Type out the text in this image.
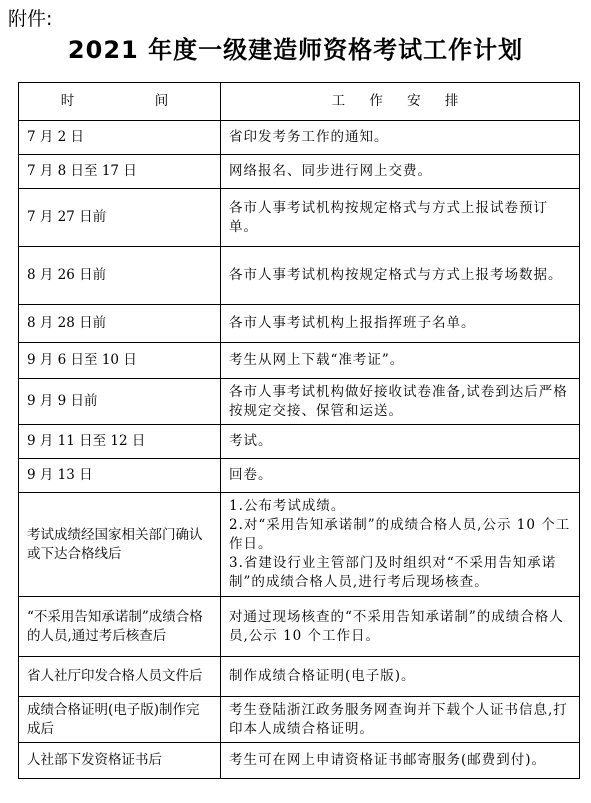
附件:
2021 年度一级建造师资格考试工作计划
时　　　间	工 作 安 排
7 月 2 日	省印发考务工作的通知。

7 月 8 日至 17 日	网络报名、同步进行网上交费。

7 月 27 日前	各市人事考试机构按规定格式与方式上报试卷预订单。

8 月 26 日前	各市人事考试机构按规定格式与方式上报考场数据。

8 月 28 日前	各市人事考试机构上报指挥班子名单。

9 月 6 日至 10 日	考生从网上下载“准考证”。

9 月 9 日前	各市人事考试机构做好接收试卷准备,试卷到达后严格按规定交接、保管和运送。

9 月 11 日至 12 日	考试。

9 月 13 日	回卷。

考试成绩经国家相关部门确认或下达合格线后	1.公布考试成绩。
2.对“采用告知承诺制”的成绩合格人员,公示 10 个工作日。
3.省建设行业主管部门及时组织对“不采用告知承诺制”的成绩合格人员,进行考后现场核查。

“不采用告知承诺制”成绩合格的人员,通过考后核查后	对通过现场核查的“不采用告知承诺制”的成绩合格人员,公示 10 个工作日。

省人社厅印发合格人员文件后	制作成绩合格证明(电子版)。

成绩合格证明(电子版)制作完成后	考生登陆浙江政务服务网查询并下载个人证书信息,打印本人成绩合格证明。

人社部下发资格证书后	考生可在网上申请资格证书邮寄服务(邮费到付)。
